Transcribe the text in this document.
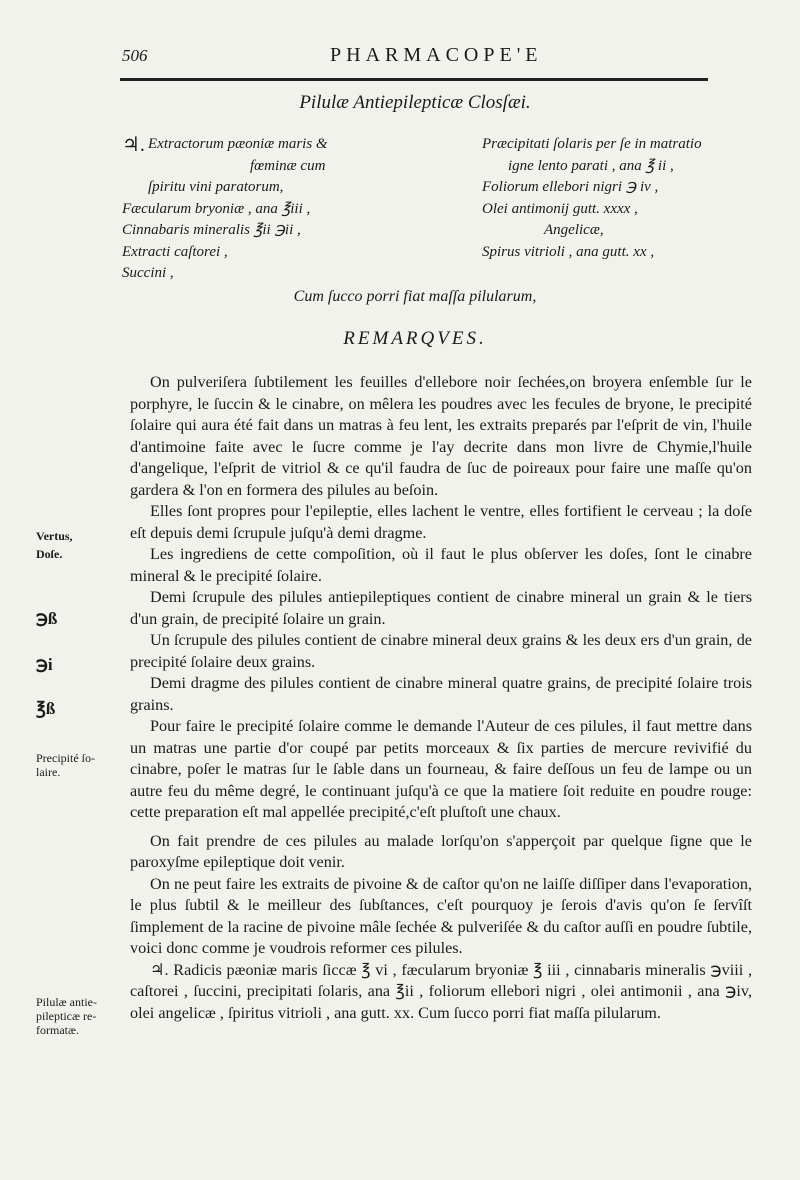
506	PHARMACOPE'E
Pilulæ Antiepilepticæ Closſæi.
♃. Extractorum pæoniæ maris &
fœminæ cum
ſpiritu vini paratorum,
Fæcularum bryoniæ , ana ℥iii ,
Cinnabaris mineralis ℥ii ℈ii ,
Extracti caſtorei ,
Succini ,
Præcipitati ſolaris per ſe in matratio
igne lento parati , ana ℥ ii ,
Foliorum ellebori nigri ℈ iv ,
Olei antimonij gutt. xxxx ,
Angelicæ,
Spirus vitrioli , ana gutt. xx ,
Cum ſucco porri fiat maſſa pilularum,
REMARQVES.

On pulveriſera ſubtilement les feuilles d'ellebore noir ſechées,on broyera enſemble ſur le porphyre, le ſuccin & le cinabre, on mêlera les poudres avec les fecules de bryone, le precipité ſolaire qui aura été fait dans un matras à feu lent, les extraits preparés par l'eſprit de vin, l'huile d'antimoine faite avec le ſucre comme je l'ay decrite dans mon livre de Chymie,l'huile d'angelique, l'eſprit de vitriol & ce qu'il faudra de ſuc de poireaux pour faire une maſſe qu'on gardera & l'on en formera des pilules au beſoin.

Elles ſont propres pour l'epileptie, elles lachent le ventre, elles fortifient le cerveau ; la doſe eſt depuis demi ſcrupule juſqu'à demi dragme.

Les ingrediens de cette compoſition, où il faut le plus obſerver les doſes, ſont le cinabre mineral & le precipité ſolaire.

Demi ſcrupule des pilules antiepileptiques contient de cinabre mineral un grain & le tiers d'un grain, de precipité ſolaire un grain.

Un ſcrupule des pilules contient de cinabre mineral deux grains & les deux ers d'un grain, de precipité ſolaire deux grains.

Demi dragme des pilules contient de cinabre mineral quatre grains, de precipité ſolaire trois grains.

Pour faire le precipité ſolaire comme le demande l'Auteur de ces pilules, il faut mettre dans un matras une partie d'or coupé par petits morceaux & ſix parties de mercure revivifié du cinabre, poſer le matras ſur le ſable dans un fourneau, & faire deſſous un feu de lampe ou un autre feu du même degré, le continuant juſqu'à ce que la matiere ſoit reduite en poudre rouge: cette preparation eſt mal appellée precipité,c'eſt pluſtoſt une chaux.

On fait prendre de ces pilules au malade lorſqu'on s'apperçoit par quelque ſigne que le paroxyſme epileptique doit venir.

On ne peut faire les extraits de pivoine & de caſtor qu'on ne laiſſe diſſiper dans l'evaporation, le plus ſubtil & le meilleur des ſubſtances, c'eſt pourquoy je ſerois d'avis qu'on ſe ſervîſt ſimplement de la racine de pivoine mâle ſechée & pulveriſée & du caſtor auſſi en poudre ſubtile, voici donc comme je voudrois reformer ces pilules.

♃. Radicis pæoniæ maris ſiccæ ℥ vi , fæcularum bryoniæ ℥ iii , cinnabaris mineralis ℈viii , caſtorei , ſuccini, precipitati ſolaris, ana ℥ii , foliorum ellebori nigri , olei antimonii , ana ℈iv, olei angelicæ , ſpiritus vitrioli , ana gutt. xx. Cum ſucco porri fiat maſſa pilularum.

Vertus,
Doſe.
℈ß
℈i
℥ß
Precipité ſo-
laire.
Pilulæ antie-
pilepticæ re-
formatæ.
